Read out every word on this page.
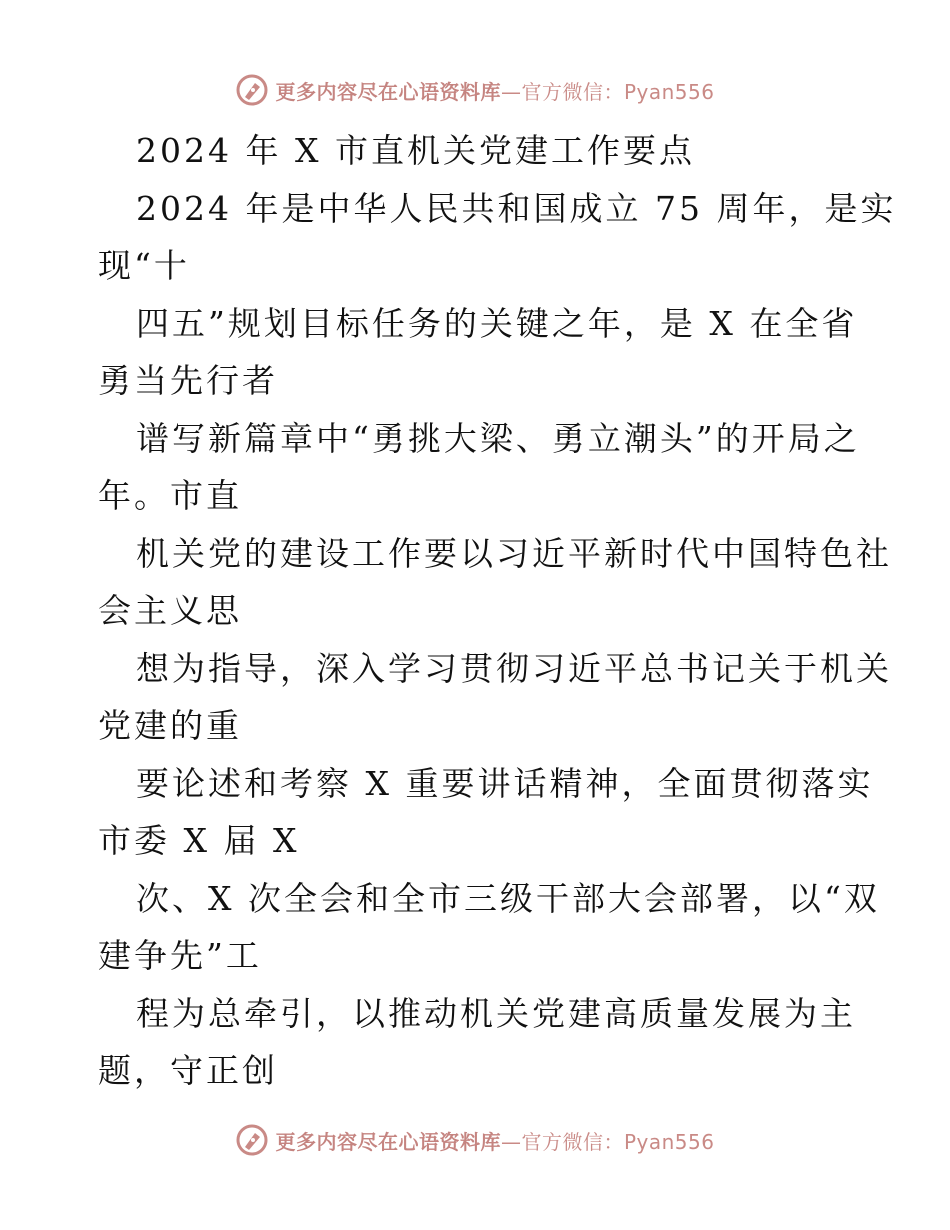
更多内容尽在心语资料库—官方微信：Pyan556
2024 年 X 市直机关党建工作要点
2024 年是中华人民共和国成立 75 周年，是实
现“十
四五”规划目标任务的关键之年，是 X 在全省
勇当先行者
谱写新篇章中“勇挑大梁、勇立潮头”的开局之
年。市直
机关党的建设工作要以习近平新时代中国特色社
会主义思
想为指导，深入学习贯彻习近平总书记关于机关
党建的重
要论述和考察 X 重要讲话精神，全面贯彻落实
市委 X 届 X
次、X 次全会和全市三级干部大会部署，以“双
建争先”工
程为总牵引，以推动机关党建高质量发展为主
题，守正创
更多内容尽在心语资料库—官方微信：Pyan556
